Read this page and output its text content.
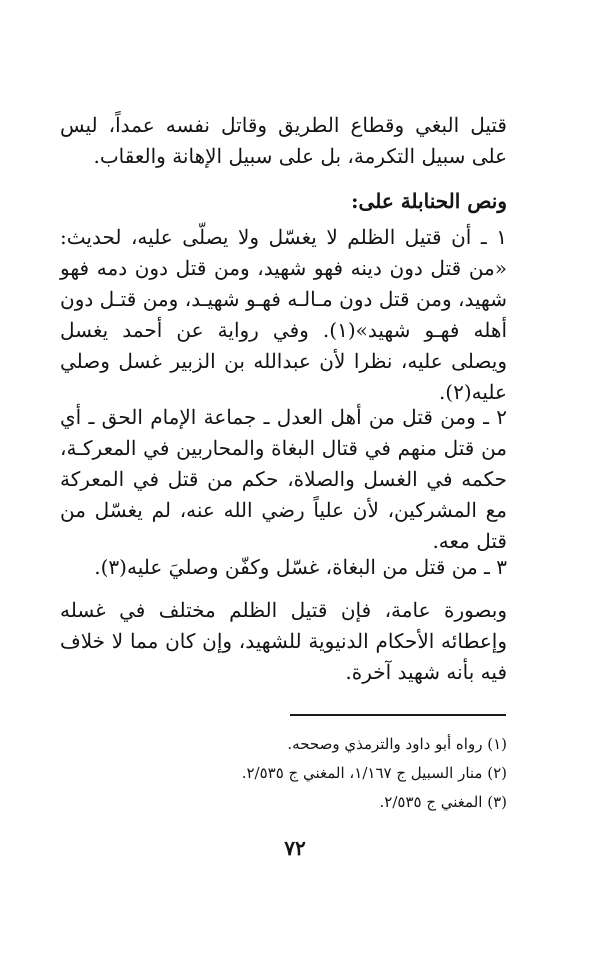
قتيل البغي وقطاع الطريق وقاتل نفسه عمداً، ليس على سبيل التكرمة، بل على سبيل الإهانة والعقاب.

ونص الحنابلة على:

١ ـ أن قتيل الظلم لا يغسّل ولا يصلّى عليه، لحديث: «من قتل دون دينه فهو شهيد، ومن قتل دون دمه فهو شهيد، ومن قتل دون مـالـه فهـو شهيـد، ومن قتـل دون أهله فهـو شهيد»(١). وفي رواية عن أحمد يغسل ويصلى عليه، نظرا لأن عبدالله بن الزبير غسل وصلي عليه(٢).

٢ ـ ومن قتل من أهل العدل ـ جماعة الإمام الحق ـ أي من قتل منهم في قتال البغاة والمحاربين في المعركـة، حكمه في الغسل والصلاة، حكم من قتل في المعركة مع المشركين، لأن علياً رضي الله عنه، لم يغسّل من قتل معه.

٣ ـ من قتل من البغاة، غسّل وكفّن وصليَ عليه(٣).

وبصورة عامة، فإن قتيل الظلم مختلف في غسله وإعطائه الأحكام الدنيوية للشهيد، وإن كان مما لا خلاف فيه بأنه شهيد آخرة.

(١) رواه أبو داود والترمذي وصححه.
(٢) منار السبيل ج ١/١٦٧، المغني ج ٢/٥٣٥.
(٣) المغني ج ٢/٥٣٥.
٧٢
